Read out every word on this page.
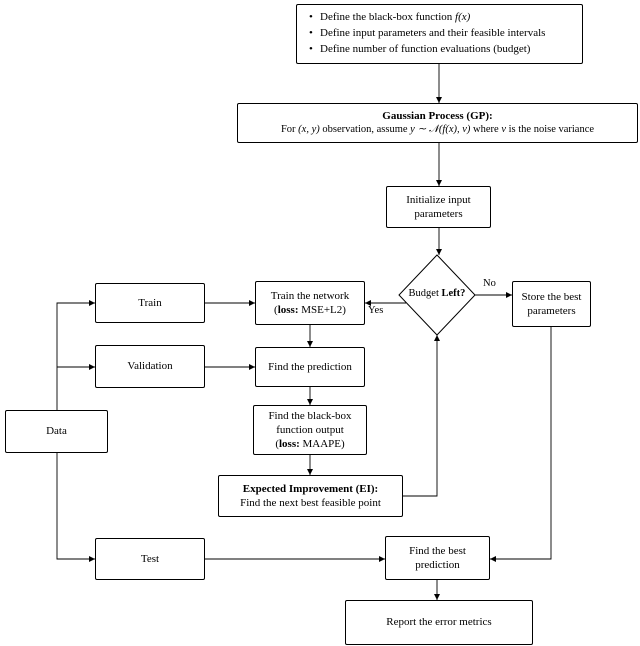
• Define the black-box function f(x)
• Define input parameters and their feasible intervals
• Define number of function evaluations (budget)
Gaussian Process (GP):
For (x, y) observation, assume y ∼ 𝒩(f(x), ν) where ν is the noise variance
Initialize input parameters
Budget Left?
Yes
No
Train the network
(loss: MSE+L2)
Store the best parameters
Train
Validation	Find the prediction
Data
Find the black-box
function output
(loss: MAAPE)
Expected Improvement (EI):
Find the next best feasible point
Test
Find the best prediction
Report the error metrics
